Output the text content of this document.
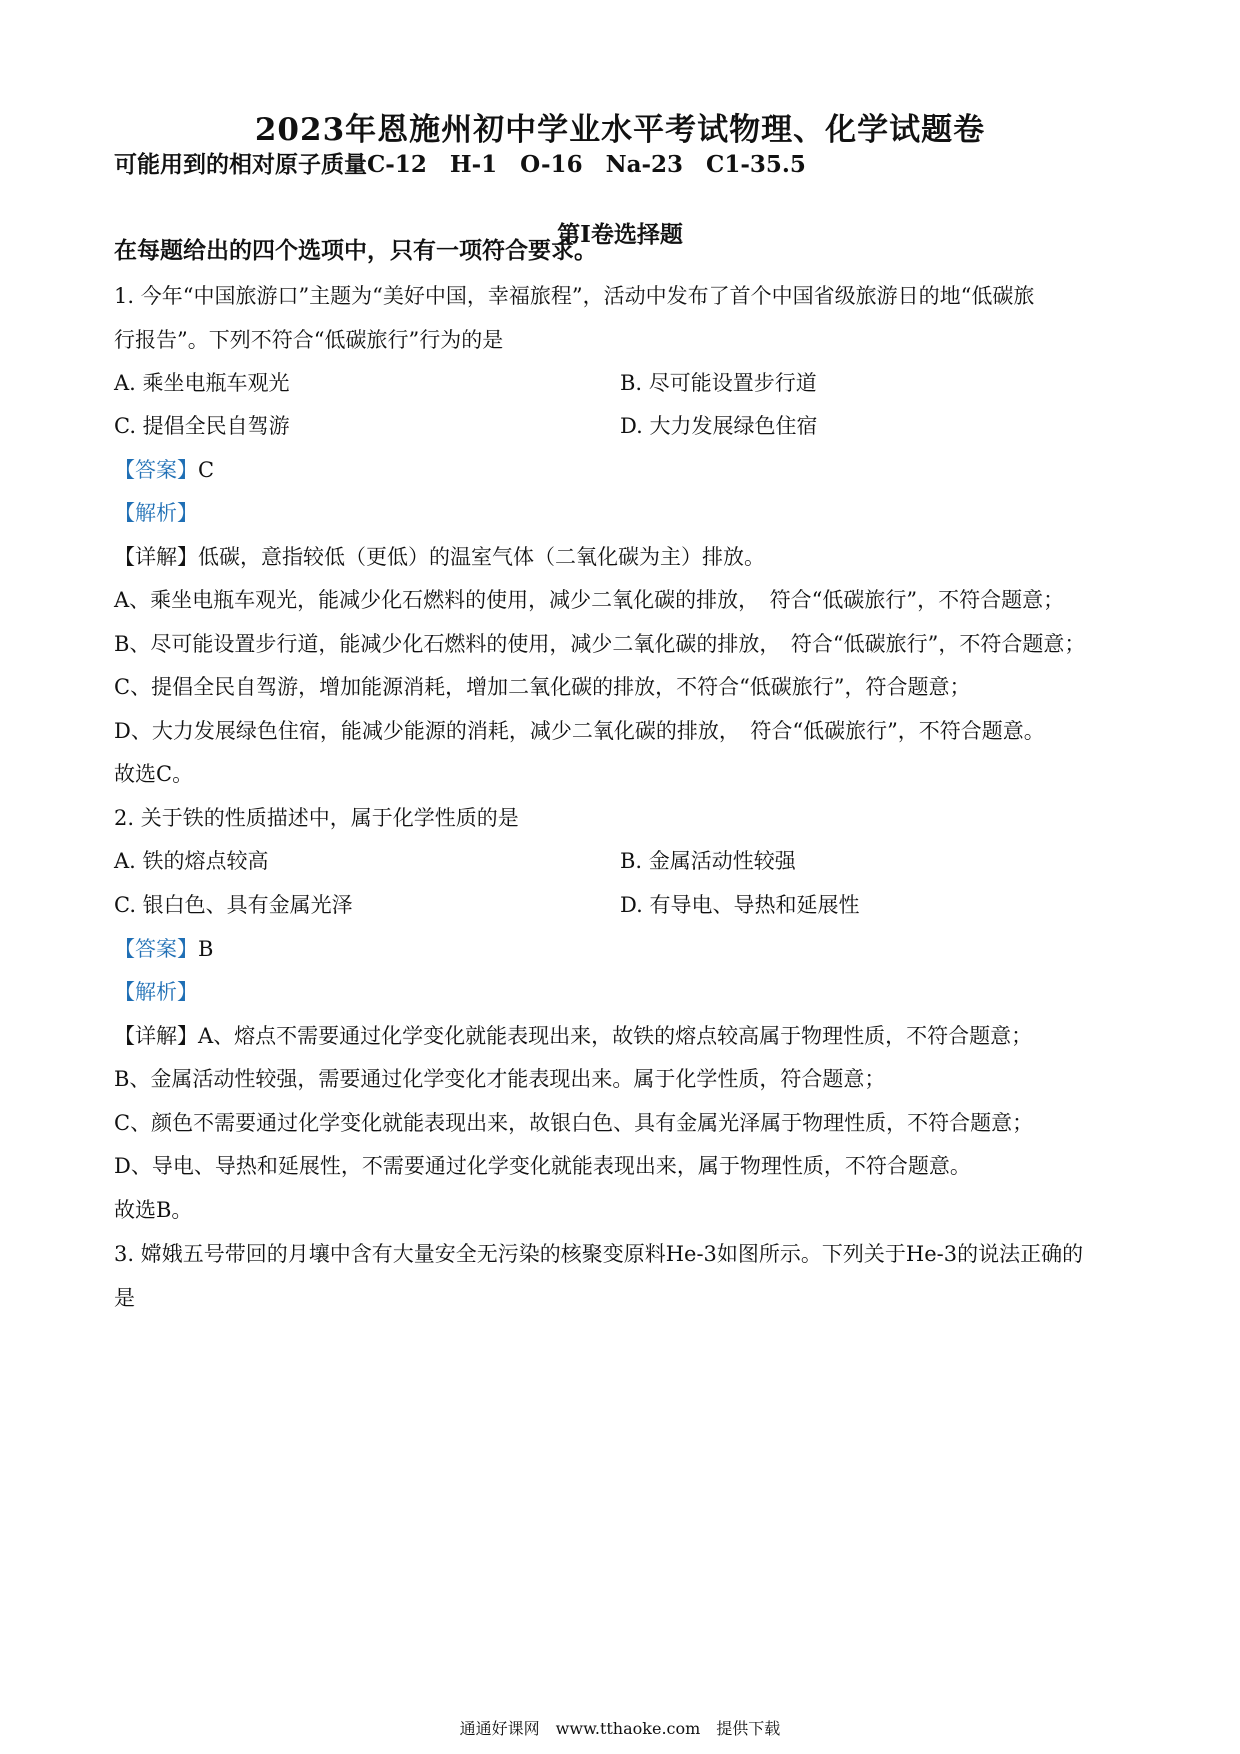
2023年恩施州初中学业水平考试物理、化学试题卷
可能用到的相对原子质量C-12　H-1　O-16　Na-23　C1-35.5
第I卷选择题
在每题给出的四个选项中，只有一项符合要求。
1. 今年“中国旅游口”主题为“美好中国，幸福旅程”，活动中发布了首个中国省级旅游日的地“低碳旅
行报告”。下列不符合“低碳旅行”行为的是
A. 乘坐电瓶车观光	B. 尽可能设置步行道
C. 提倡全民自驾游	D. 大力发展绿色住宿
【答案】C
【解析】
【详解】低碳，意指较低（更低）的温室气体（二氧化碳为主）排放。
A、乘坐电瓶车观光，能减少化石燃料的使用，减少二氧化碳的排放，　符合“低碳旅行”，不符合题意；
B、尽可能设置步行道，能减少化石燃料的使用，减少二氧化碳的排放，　符合“低碳旅行”，不符合题意；
C、提倡全民自驾游，增加能源消耗，增加二氧化碳的排放，不符合“低碳旅行”，符合题意；
D、大力发展绿色住宿，能减少能源的消耗，减少二氧化碳的排放，　符合“低碳旅行”，不符合题意。
故选C。
2. 关于铁的性质描述中，属于化学性质的是
A. 铁的熔点较高	B. 金属活动性较强
C. 银白色、具有金属光泽	D. 有导电、导热和延展性
【答案】B
【解析】
【详解】A、熔点不需要通过化学变化就能表现出来，故铁的熔点较高属于物理性质，不符合题意；
B、金属活动性较强，需要通过化学变化才能表现出来。属于化学性质，符合题意；
C、颜色不需要通过化学变化就能表现出来，故银白色、具有金属光泽属于物理性质，不符合题意；
D、导电、导热和延展性，不需要通过化学变化就能表现出来，属于物理性质，不符合题意。
故选B。
3. 嫦娥五号带回的月壤中含有大量安全无污染的核聚变原料He-3如图所示。下列关于He-3的说法正确的
是
通通好课网　www.tthaoke.com　提供下载
